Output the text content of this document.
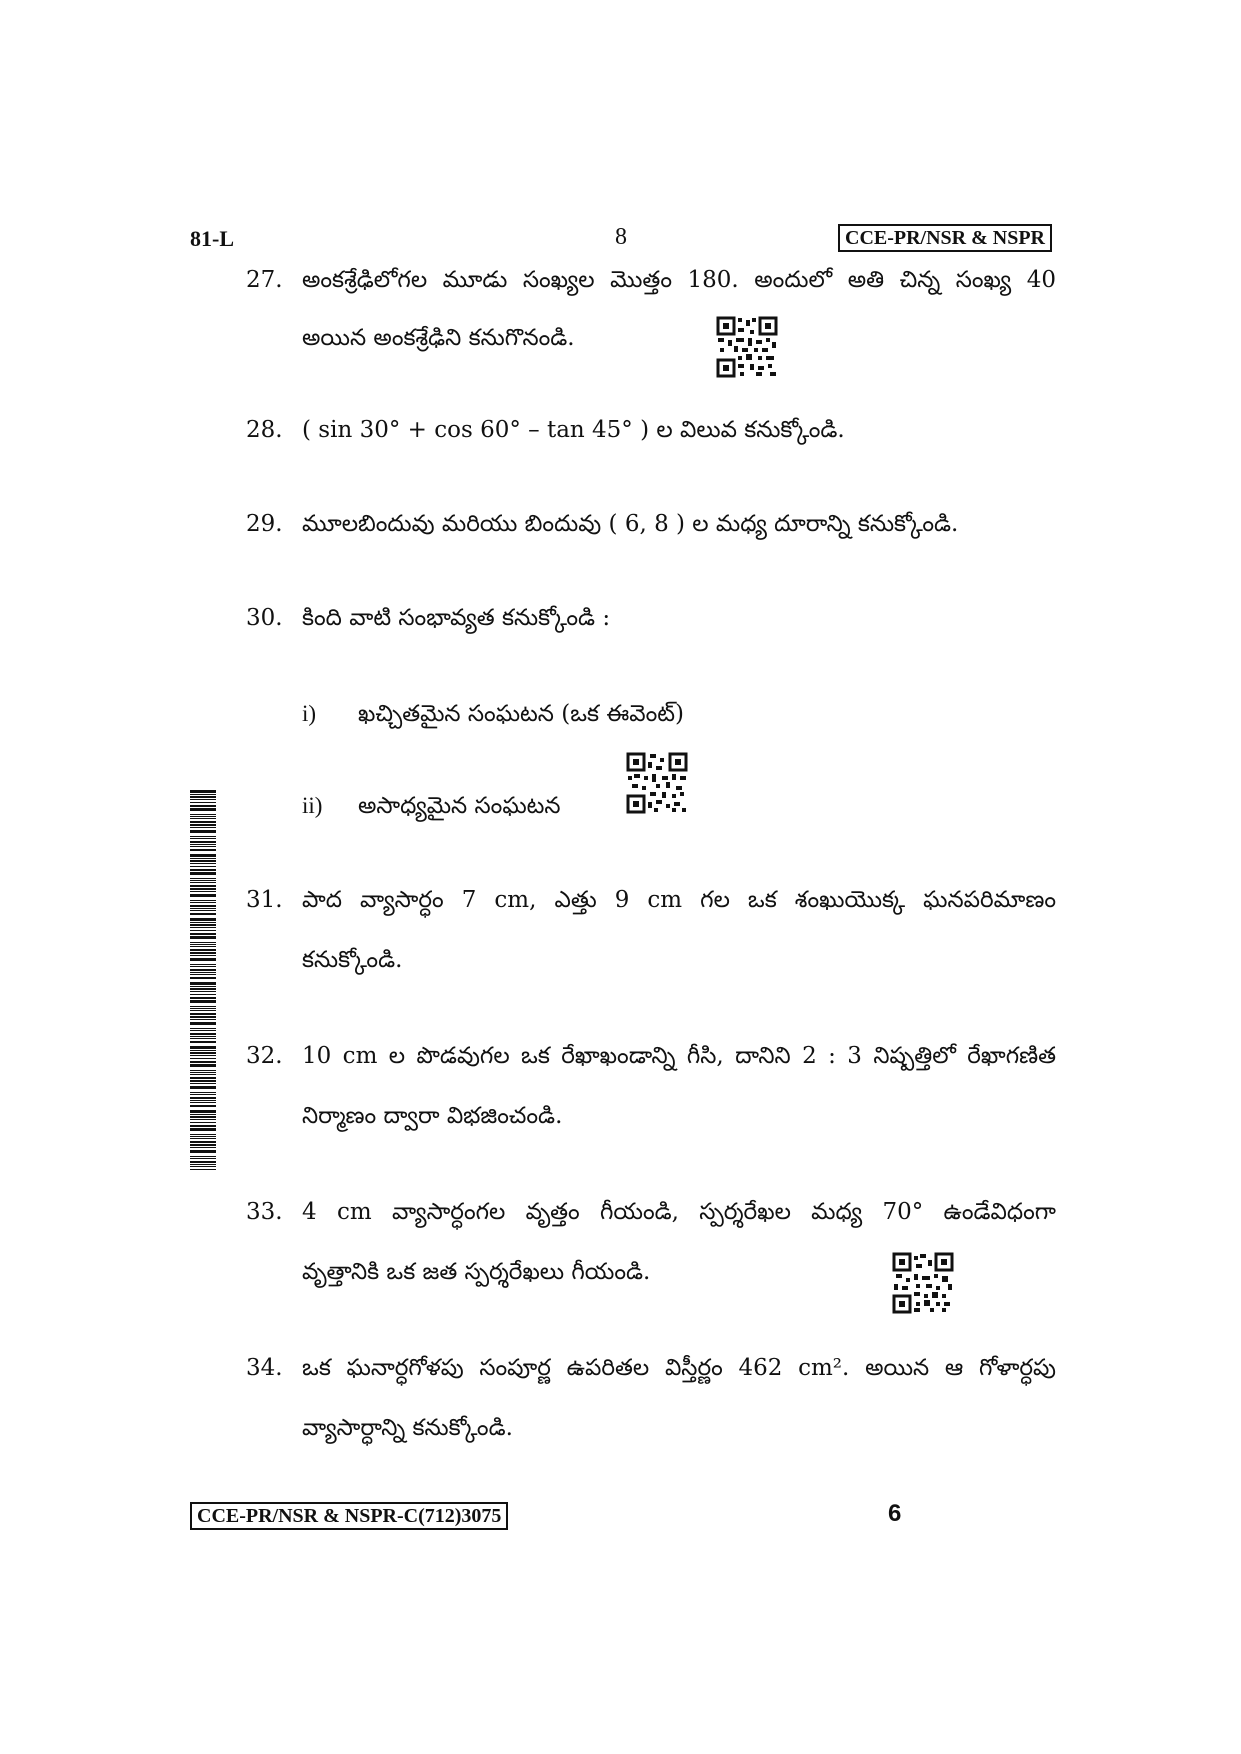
81-L	8	CCE-PR/NSR & NSPR
27. అంకశ్రేఢిలోగల మూడు సంఖ్యల మొత్తం 180. అందులో అతి చిన్న సంఖ్య 40
అయిన అంకశ్రేఢిని కనుగొనండి.
28. ( sin 30° + cos 60° – tan 45° ) ల విలువ కనుక్కోండి.
29. మూలబిందువు మరియు బిందువు ( 6, 8 ) ల మధ్య దూరాన్ని కనుక్కోండి.
30. కింది వాటి సంభావ్యత కనుక్కోండి :
i) ఖచ్చితమైన సంఘటన (ఒక ఈవెంట్)
ii) అసాధ్యమైన సంఘటన
31. పాద వ్యాసార్ధం 7 cm, ఎత్తు 9 cm గల ఒక శంఖుయొక్క ఘనపరిమాణం
కనుక్కోండి.
32. 10 cm ల పొడవుగల ఒక రేఖాఖండాన్ని గీసి, దానిని 2 : 3 నిష్పత్తిలో రేఖాగణిత
నిర్మాణం ద్వారా విభజించండి.
33. 4 cm వ్యాసార్ధంగల వృత్తం గీయండి, స్పర్శరేఖల మధ్య 70° ఉండేవిధంగా
వృత్తానికి ఒక జత స్పర్శరేఖలు గీయండి.
34. ఒక ఘనార్ధగోళపు సంపూర్ణ ఉపరితల విస్తీర్ణం 462 cm². అయిన ఆ గోళార్ధపు
వ్యాసార్ధాన్ని కనుక్కోండి.
CCE-PR/NSR & NSPR-C(712)3075	6
